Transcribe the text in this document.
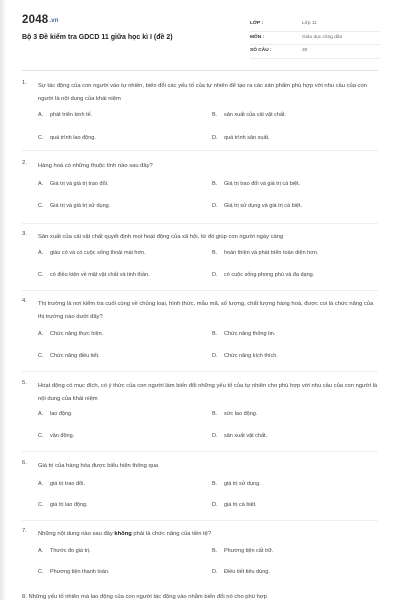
2048.vn
Bộ 3 Đề kiểm tra GDCD 11 giữa học kì I (đề 2)
LỚP :	Lớp 11
MÔN :	Giáo dục công dân
SỐ CÂU :	30
1. Sự tác động của con người vào tự nhiên, biến đổi các yếu tố của tự nhiên để tạo ra các sản phẩm phù hợp với nhu cầu của con người là nội dung của khái niệm
A. phát triển kinh tế.	B. sản xuất của cải vật chất.
C. quá trình lao động.	D. quá trình sản xuất.
2. Hàng hoá có những thuộc tính nào sau đây?
A. Giá trị và giá trị trao đổi.	B. Giá trị trao đổi và giá trị cá biệt.
C. Giá trị và giá trị sử dụng.	D. Giá trị sử dụng và giá trị cá biệt.
3. Sản xuất của cải vật chất quyết định mọi hoạt động của xã hội, từ đó giúp con người ngày càng
A. giàu có và có cuộc sống thoải mái hơn.	B. hoàn thiện và phát triển toàn diện hơn.
C. có điều kiện về mặt vật chất và tinh thần.	D. có cuộc sống phong phú và đa dạng.
4. Thị trường là nơi kiểm tra cuối cùng về chủng loại, hình thức, mẫu mã, số lượng, chất lượng hàng hoá, được coi là chức năng của thị trường nào dưới đây?
A. Chức năng thực hiện.	B. Chức năng thông tin.
C. Chức năng điều tiết.	D. Chức năng kích thích.
5. Hoạt động có mục đích, có ý thức của con người làm biến đổi những yếu tố của tự nhiên cho phù hợp với nhu cầu của con người là nội dung của khái niệm
A. lao động.	B. sức lao động.
C. vận động.	D. sản xuất vật chất.
6. Giá trị của hàng hóa được biểu hiện thông qua
A. giá trị trao đổi.	B. giá trị sử dụng.
C. giá trị lao động.	D. giá trị cá biệt.
7. Những nội dung nào sau đây không phải là chức năng của tiền tệ?
A. Thước đo giá trị.	B. Phương tiện cất trữ.
C. Phương tiện thanh toán.	D. Điều tiết tiêu dùng.
8. Những yếu tố nhiên mà lao động của con người tác động vào nhằm biến đổi nó cho phù hợp
